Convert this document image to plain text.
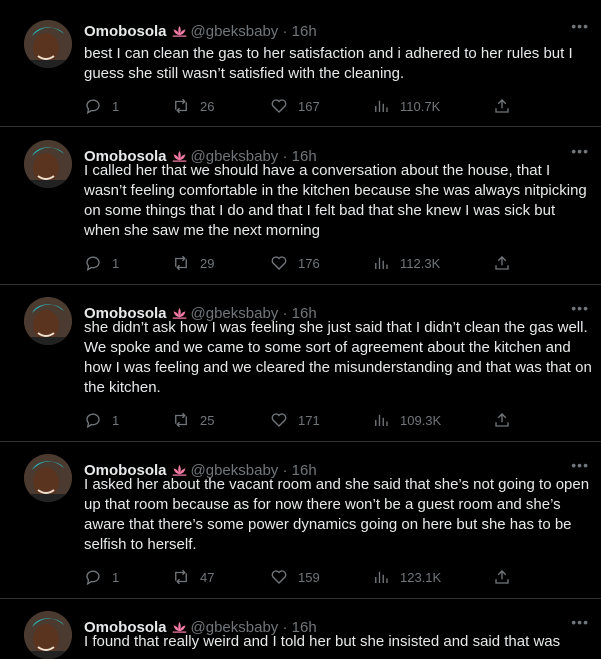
Omobosola @gbeksbaby · 16h	•••
best I can clean the gas to her satisfaction and i adhered to her rules but I guess she still wasn’t satisfied with the cleaning.
1	26	167	110.7K
Omobosola @gbeksbaby · 16h	•••
I called her that we should have a conversation about the house, that I wasn’t feeling comfortable in the kitchen because she was always nitpicking on some things that I do and that I felt bad that she knew I was sick but when she saw me the next morning
1	29	176	112.3K
Omobosola @gbeksbaby · 16h	•••
she didn’t ask how I was feeling she just said that I didn’t clean the gas well. We spoke and we came to some sort of agreement about the kitchen and how I was feeling and we cleared the misunderstanding and that was that on the kitchen.
1	25	171	109.3K
Omobosola @gbeksbaby · 16h	•••
I asked her about the vacant room and she said that she’s not going to open up that room because as for now there won’t be a guest room and she’s aware that there’s some power dynamics going on here but she has to be selfish to herself.
1	47	159	123.1K
Omobosola @gbeksbaby · 16h	•••
I found that really weird and I told her but she insisted and said that was
